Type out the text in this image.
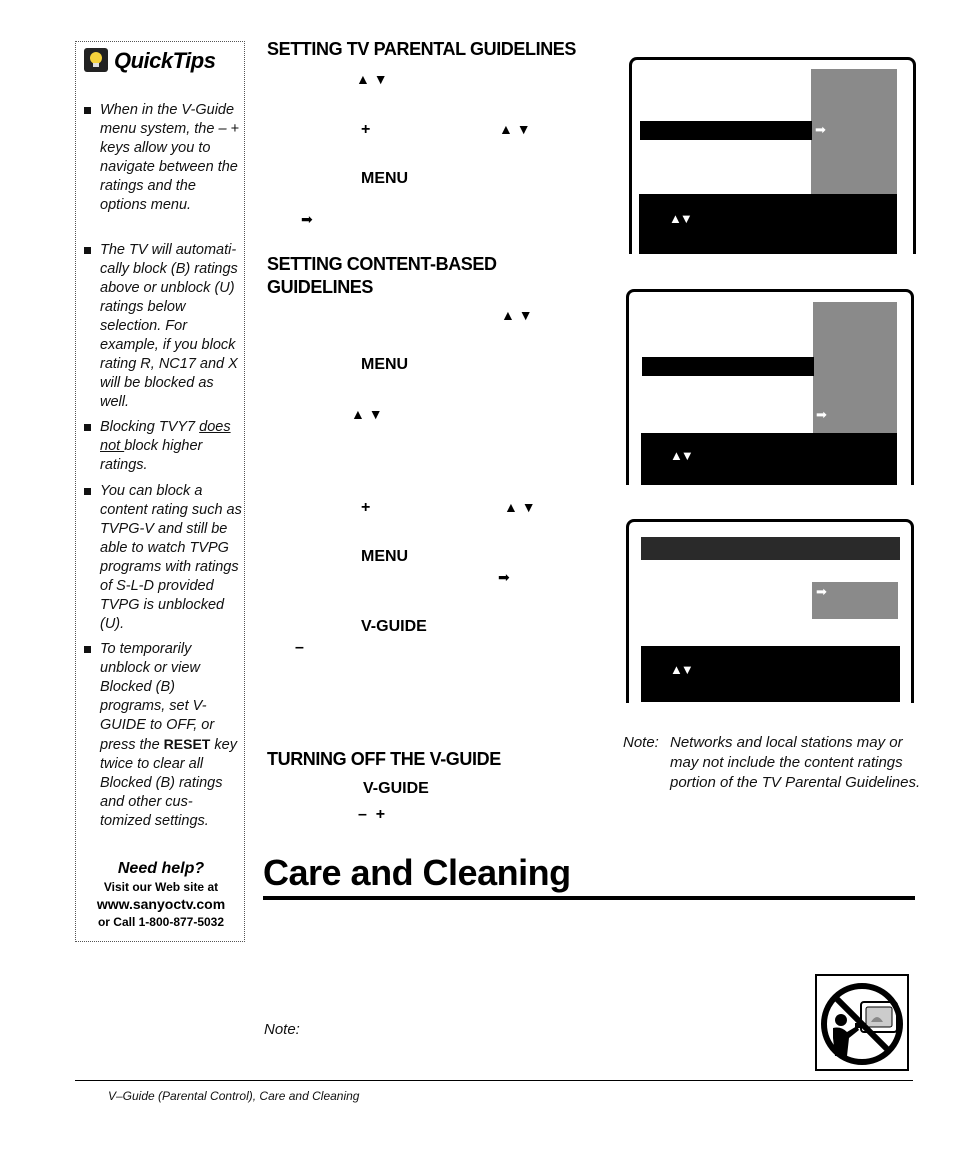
QuickTips
When in the V-Guide menu system, the – + keys allow you to navigate between the ratings and the options menu.
The TV will automati-cally block (B) ratings above or unblock (U) ratings below selection. For example, if you block rating R, NC17 and X will be blocked as well.
Blocking TVY7 does not block higher ratings.
You can block a content rating such as TVPG-V and still be able to watch TVPG programs with ratings of S-L-D provided TVPG is unblocked (U).
To temporarily unblock or view Blocked (B) programs, set V-GUIDE to OFF, or press the RESET key twice to clear all Blocked (B) ratings and other cus-tomized settings.
Need help?
Visit our Web site at
www.sanyoctv.com
or Call 1-800-877-5032
SETTING TV PARENTAL GUIDELINES
▲ ▼
+	▲ ▼
MENU
➡
SETTING CONTENT-BASED
GUIDELINES
▲ ▼
MENU
▲ ▼
+	▲ ▼
MENU
➡
V-GUIDE
–
TURNING OFF THE V-GUIDE
V-GUIDE
–  +
➡
▲▼
➡
▲▼
➡
▲▼
Note: Networks and local stations may or may not include the content ratings portion of the TV Parental Guidelines.
Care and Cleaning
Note:
V–Guide (Parental Control), Care and Cleaning
